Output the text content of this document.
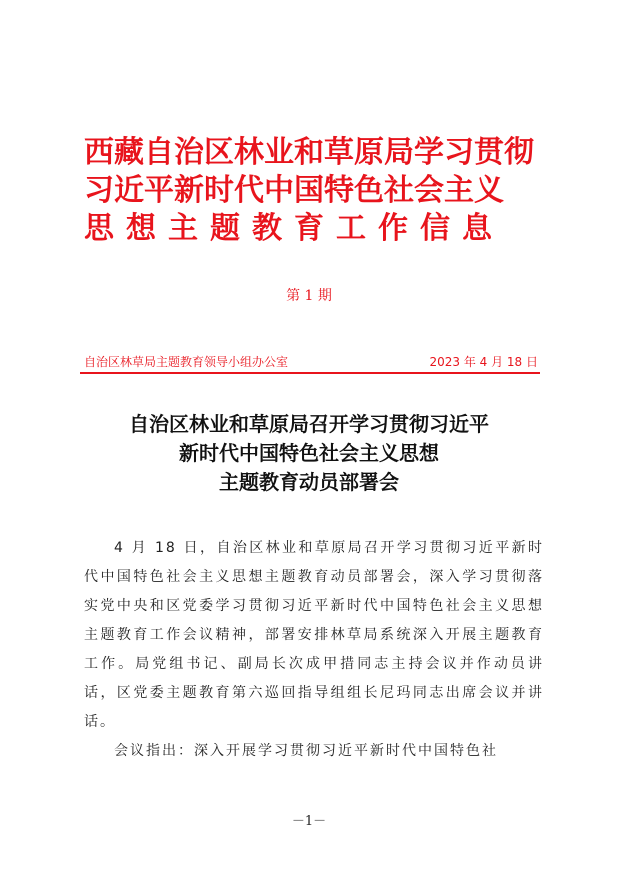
西藏自治区林业和草原局学习贯彻
习近平新时代中国特色社会主义
思想主题教育工作信息
第 1 期
自治区林草局主题教育领导小组办公室	2023 年 4 月 18 日
自治区林业和草原局召开学习贯彻习近平
新时代中国特色社会主义思想
主题教育动员部署会

4 月 18 日，自治区林业和草原局召开学习贯彻习近平新时代中国特色社会主义思想主题教育动员部署会，深入学习贯彻落实党中央和区党委学习贯彻习近平新时代中国特色社会主义思想主题教育工作会议精神，部署安排林草局系统深入开展主题教育工作。局党组书记、副局长次成甲措同志主持会议并作动员讲话，区党委主题教育第六巡回指导组组长尼玛同志出席会议并讲话。

会议指出：深入开展学习贯彻习近平新时代中国特色社

－1－
